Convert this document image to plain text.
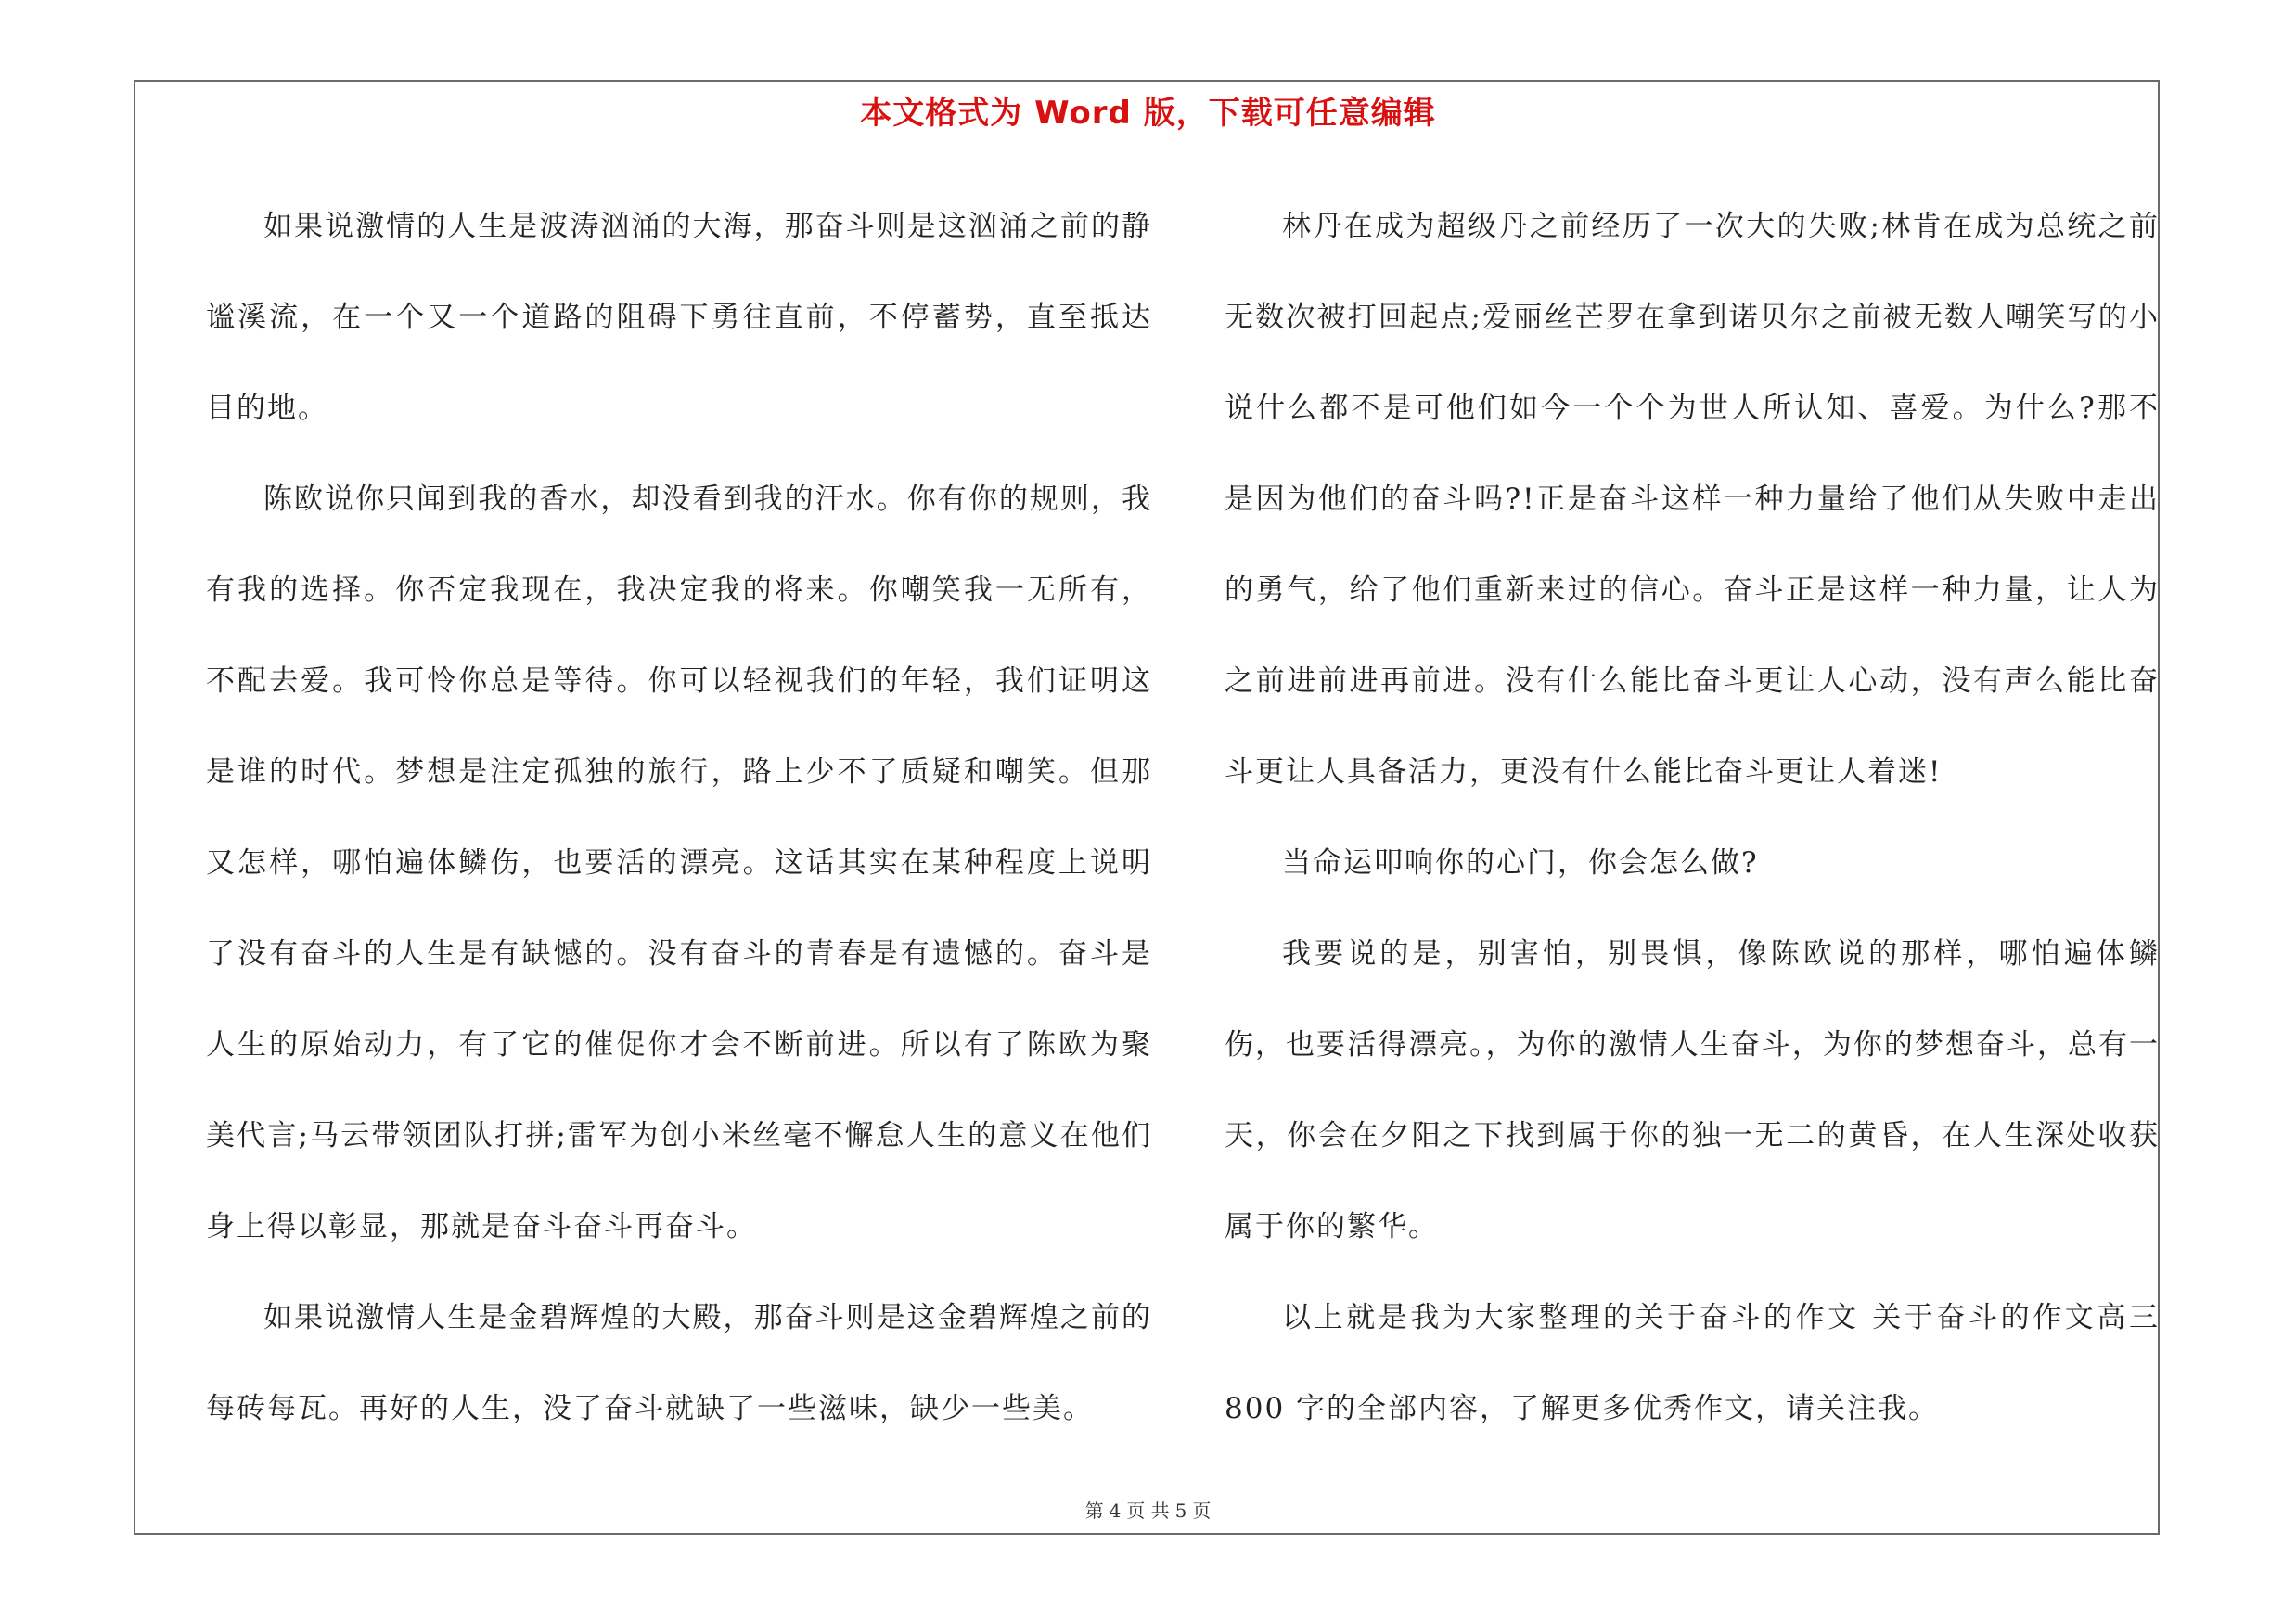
本文格式为 Word 版，下载可任意编辑

如果说激情的人生是波涛汹涌的大海，那奋斗则是这汹涌之前的静谧溪流，在一个又一个道路的阻碍下勇往直前，不停蓄势，直至抵达目的地。

陈欧说你只闻到我的香水，却没看到我的汗水。你有你的规则，我有我的选择。你否定我现在，我决定我的将来。你嘲笑我一无所有，不配去爱。我可怜你总是等待。你可以轻视我们的年轻，我们证明这是谁的时代。梦想是注定孤独的旅行，路上少不了质疑和嘲笑。但那又怎样，哪怕遍体鳞伤，也要活的漂亮。这话其实在某种程度上说明了没有奋斗的人生是有缺憾的。没有奋斗的青春是有遗憾的。奋斗是人生的原始动力，有了它的催促你才会不断前进。所以有了陈欧为聚美代言;马云带领团队打拼;雷军为创小米丝毫不懈怠人生的意义在他们身上得以彰显，那就是奋斗奋斗再奋斗。

如果说激情人生是金碧辉煌的大殿，那奋斗则是这金碧辉煌之前的每砖每瓦。再好的人生，没了奋斗就缺了一些滋味，缺少一些美。

林丹在成为超级丹之前经历了一次大的失败;林肯在成为总统之前无数次被打回起点;爱丽丝芒罗在拿到诺贝尔之前被无数人嘲笑写的小说什么都不是可他们如今一个个为世人所认知、喜爱。为什么?那不是因为他们的奋斗吗?!正是奋斗这样一种力量给了他们从失败中走出的勇气，给了他们重新来过的信心。奋斗正是这样一种力量，让人为之前进前进再前进。没有什么能比奋斗更让人心动，没有声么能比奋斗更让人具备活力，更没有什么能比奋斗更让人着迷!

当命运叩响你的心门，你会怎么做?

我要说的是，别害怕，别畏惧，像陈欧说的那样，哪怕遍体鳞伤，也要活得漂亮。，为你的激情人生奋斗，为你的梦想奋斗，总有一天，你会在夕阳之下找到属于你的独一无二的黄昏，在人生深处收获属于你的繁华。

以上就是我为大家整理的关于奋斗的作文 关于奋斗的作文高三 800 字的全部内容，了解更多优秀作文，请关注我。

第 4 页 共 5 页
